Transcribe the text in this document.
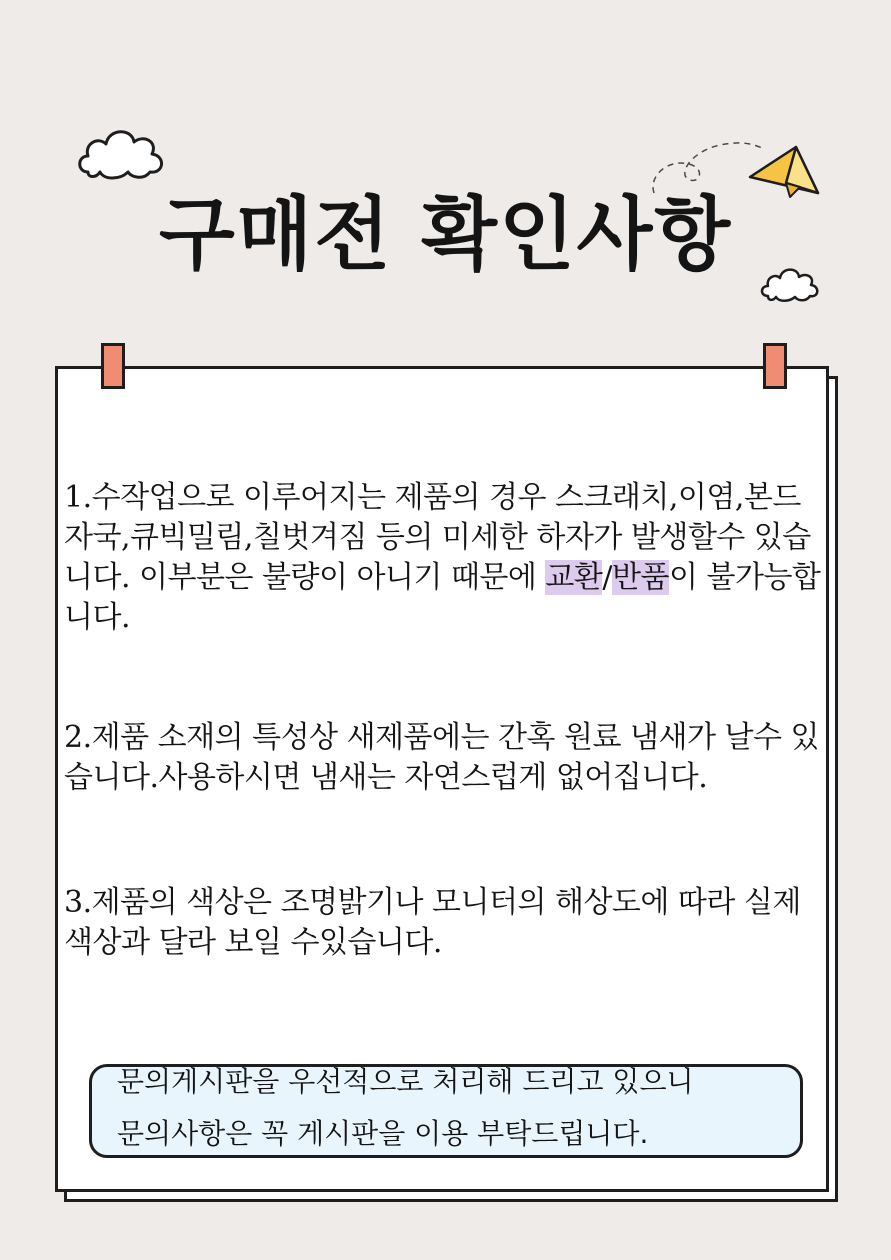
구매전 확인사항

1.수작업으로 이루어지는 제품의 경우 스크래치,이염,본드자국,큐빅밀림,칠벗겨짐 등의 미세한 하자가 발생할수 있습니다. 이부분은 불량이 아니기 때문에 교환/반품이 불가능합니다.

2.제품 소재의 특성상 새제품에는 간혹 원료 냄새가 날수 있습니다.사용하시면 냄새는 자연스럽게 없어집니다.

3.제품의 색상은 조명밝기나 모니터의 해상도에 따라 실제 색상과 달라 보일 수있습니다.

문의게시판을 우선적으로 처리해 드리고 있으니

문의사항은 꼭 게시판을 이용 부탁드립니다.
